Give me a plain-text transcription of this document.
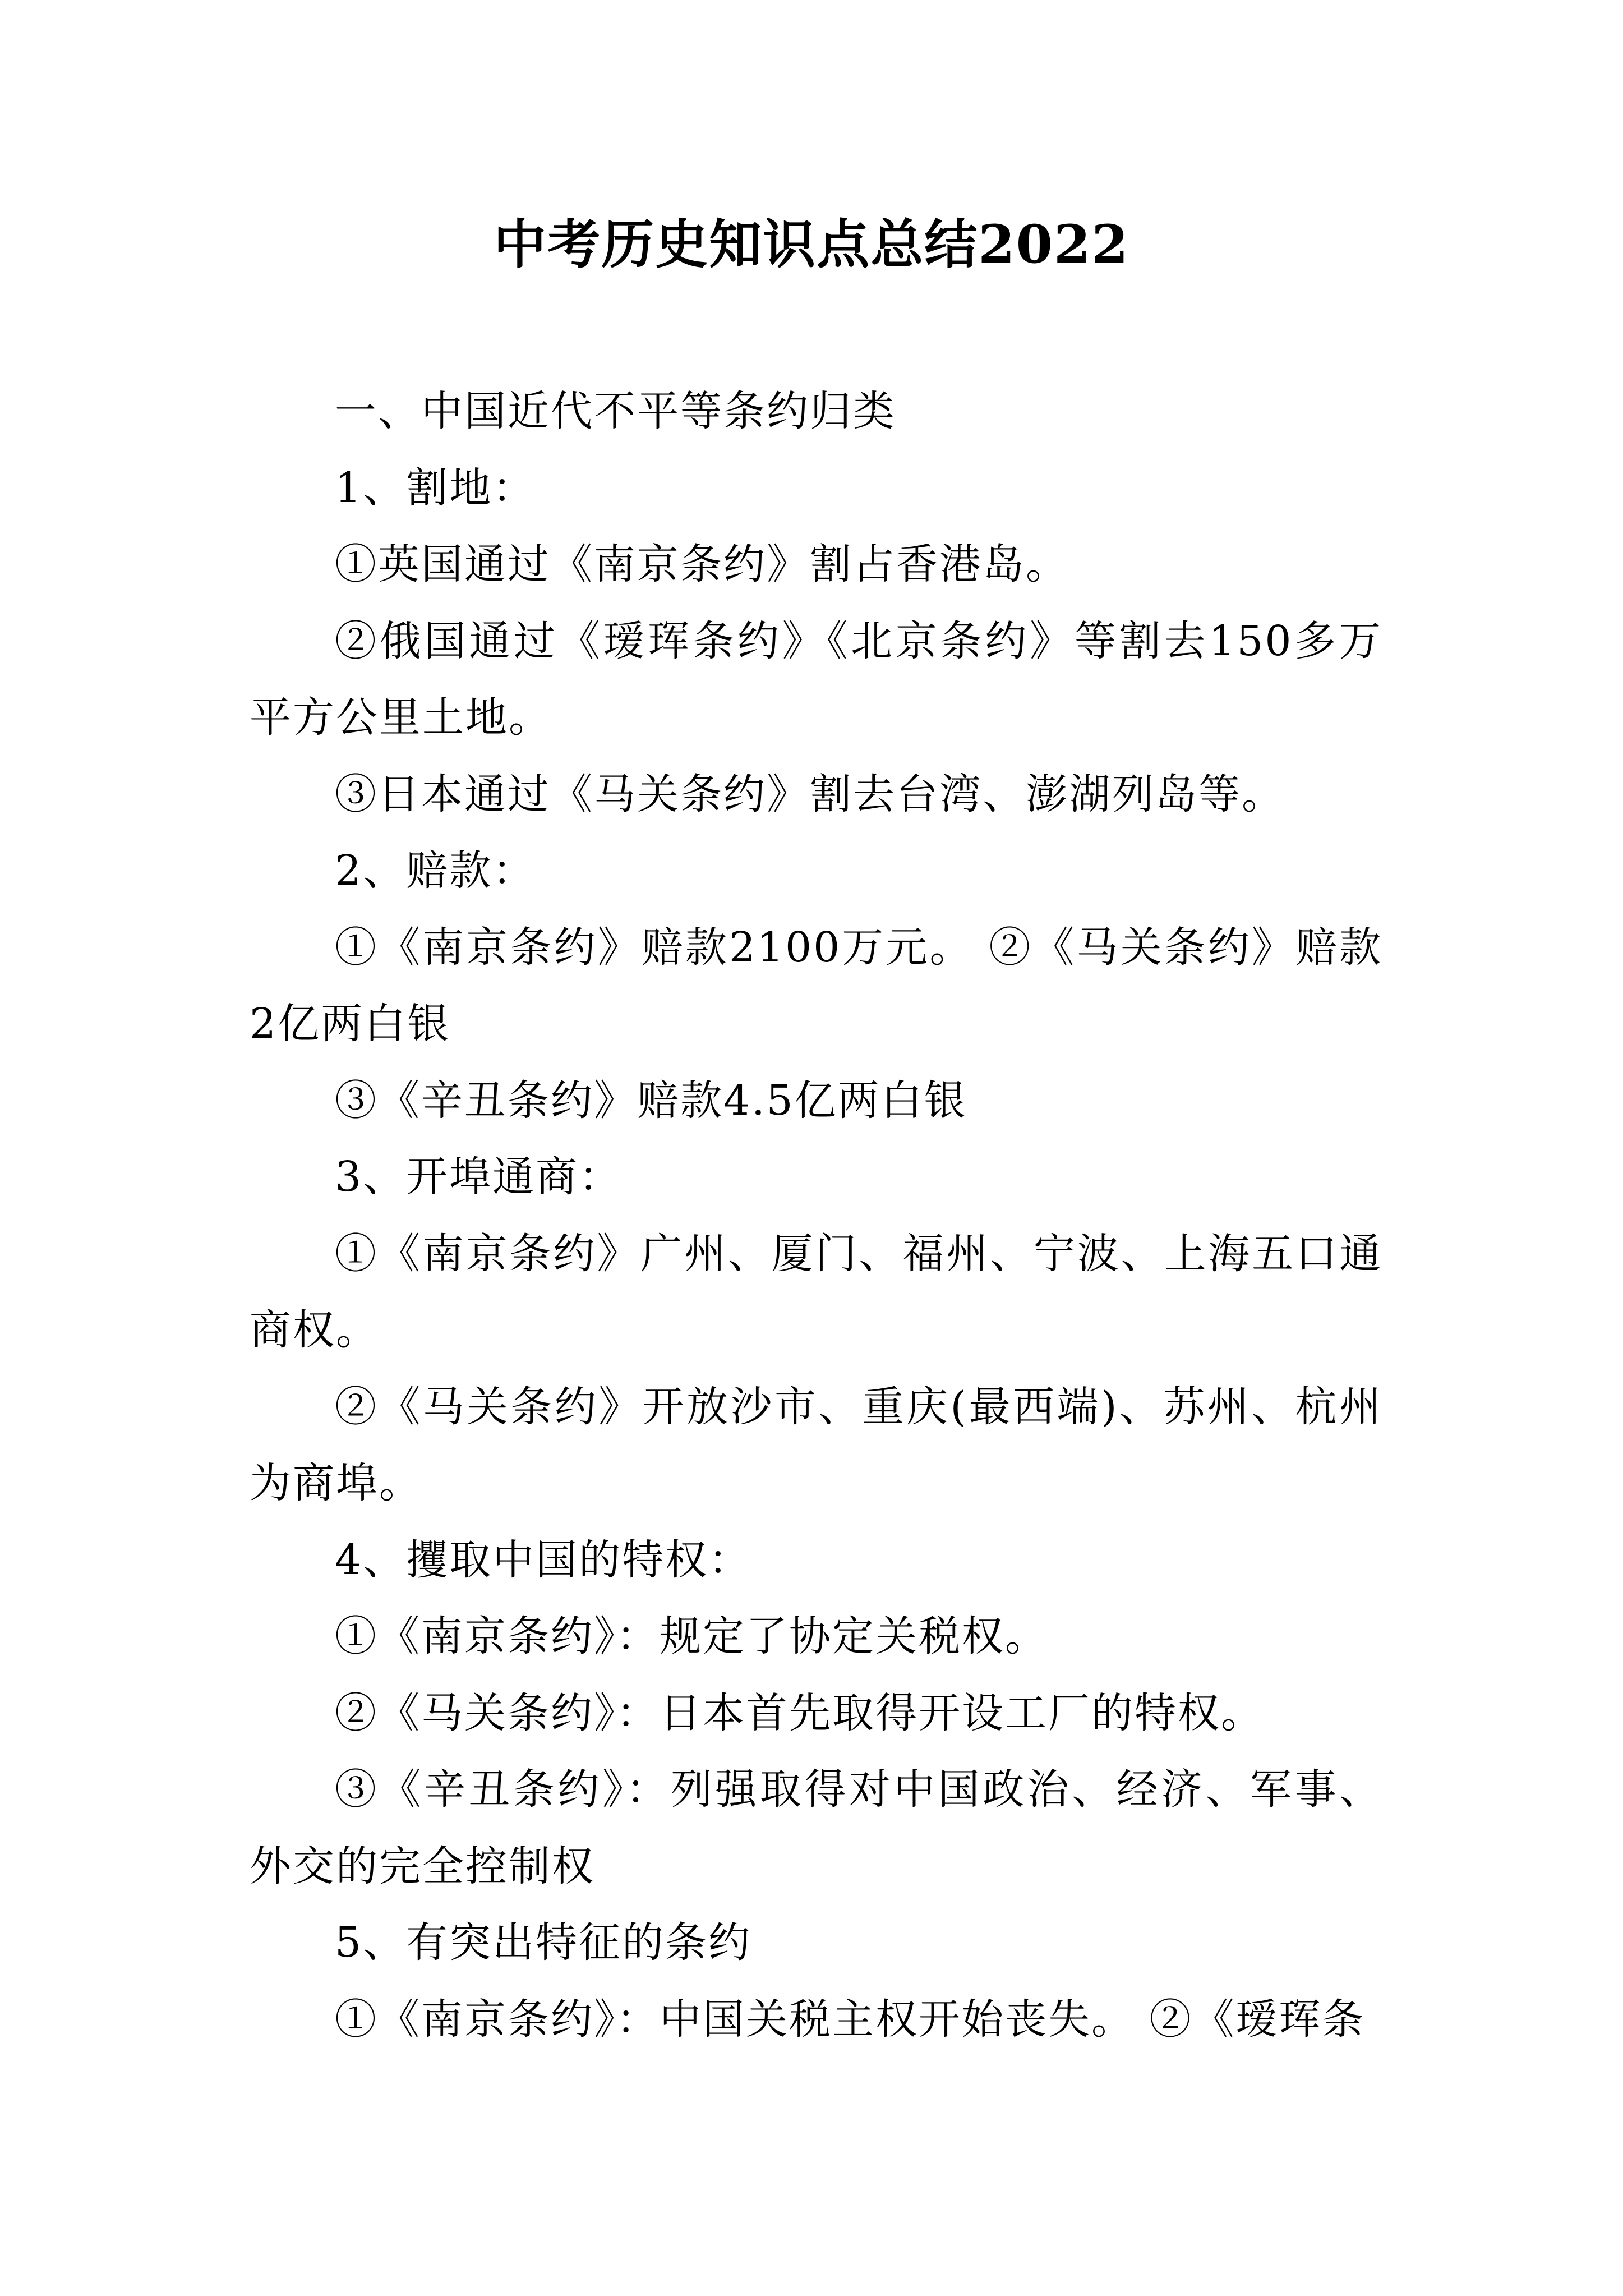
中考历史知识点总结2022

一、中国近代不平等条约归类

1、割地：

①英国通过《南京条约》割占香港岛。

②俄国通过《瑷珲条约》《北京条约》等割去150多万平方公里土地。

③日本通过《马关条约》割去台湾、澎湖列岛等。

2、赔款：

①《南京条约》赔款2100万元。 ②《马关条约》赔款2亿两白银

③《辛丑条约》赔款4.5亿两白银

3、开埠通商：

①《南京条约》广州、厦门、福州、宁波、上海五口通商权。

②《马关条约》开放沙市、重庆(最西端)、苏州、杭州为商埠。

4、攫取中国的特权：

①《南京条约》：规定了协定关税权。

②《马关条约》：日本首先取得开设工厂的特权。

③《辛丑条约》：列强取得对中国政治、经济、军事、外交的完全控制权

5、有突出特征的条约

①《南京条约》：中国关税主权开始丧失。 ②《瑷珲条
